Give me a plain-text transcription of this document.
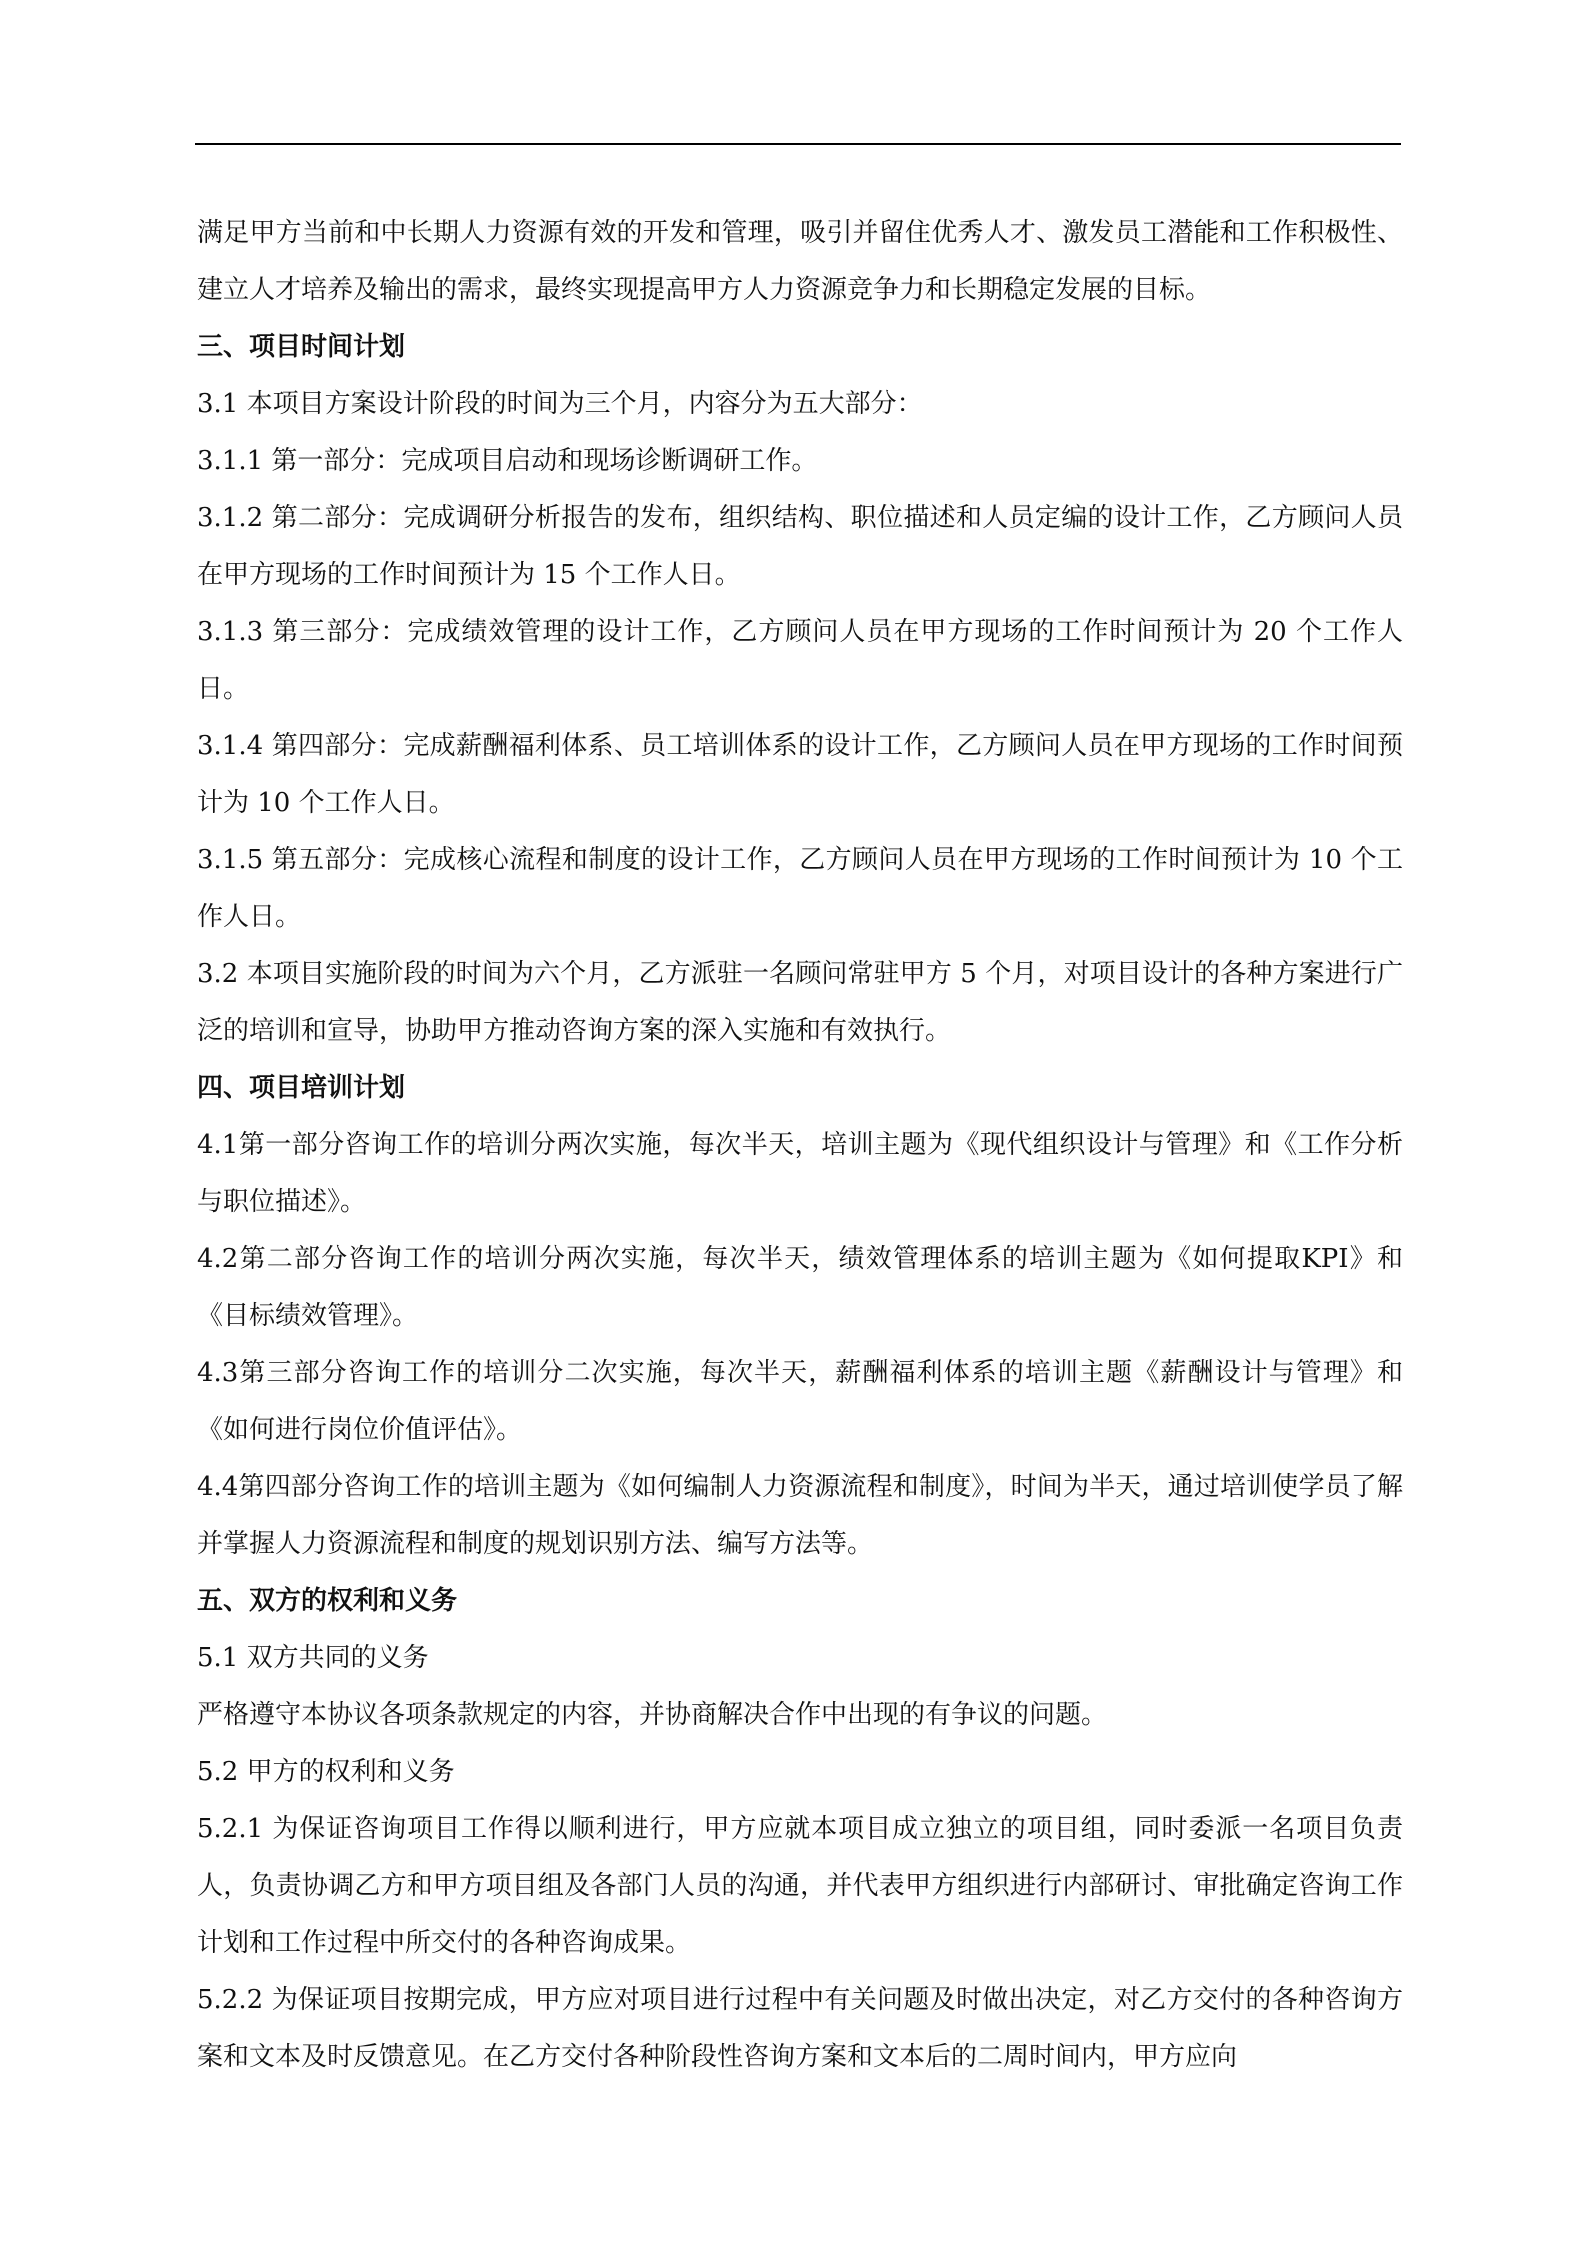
满足甲方当前和中长期人力资源有效的开发和管理，吸引并留住优秀人才、激发员工潜能和工作积极性、建立人才培养及输出的需求，最终实现提高甲方人力资源竞争力和长期稳定发展的目标。

三、项目时间计划

3.1 本项目方案设计阶段的时间为三个月，内容分为五大部分：

3.1.1 第一部分：完成项目启动和现场诊断调研工作。

3.1.2 第二部分：完成调研分析报告的发布，组织结构、职位描述和人员定编的设计工作，乙方顾问人员在甲方现场的工作时间预计为 15 个工作人日。

3.1.3 第三部分：完成绩效管理的设计工作，乙方顾问人员在甲方现场的工作时间预计为 20 个工作人日。

3.1.4 第四部分：完成薪酬福利体系、员工培训体系的设计工作，乙方顾问人员在甲方现场的工作时间预计为 10 个工作人日。

3.1.5 第五部分：完成核心流程和制度的设计工作，乙方顾问人员在甲方现场的工作时间预计为 10 个工作人日。

3.2 本项目实施阶段的时间为六个月，乙方派驻一名顾问常驻甲方 5 个月，对项目设计的各种方案进行广泛的培训和宣导，协助甲方推动咨询方案的深入实施和有效执行。

四、项目培训计划

4.1第一部分咨询工作的培训分两次实施，每次半天，培训主题为《现代组织设计与管理》和《工作分析与职位描述》。

4.2第二部分咨询工作的培训分两次实施，每次半天，绩效管理体系的培训主题为《如何提取KPI》和《目标绩效管理》。

4.3第三部分咨询工作的培训分二次实施，每次半天，薪酬福利体系的培训主题《薪酬设计与管理》和《如何进行岗位价值评估》。

4.4第四部分咨询工作的培训主题为《如何编制人力资源流程和制度》，时间为半天，通过培训使学员了解并掌握人力资源流程和制度的规划识别方法、编写方法等。

五、双方的权利和义务

5.1 双方共同的义务

严格遵守本协议各项条款规定的内容，并协商解决合作中出现的有争议的问题。

5.2 甲方的权利和义务

5.2.1 为保证咨询项目工作得以顺利进行，甲方应就本项目成立独立的项目组，同时委派一名项目负责人，负责协调乙方和甲方项目组及各部门人员的沟通，并代表甲方组织进行内部研讨、审批确定咨询工作计划和工作过程中所交付的各种咨询成果。

5.2.2 为保证项目按期完成，甲方应对项目进行过程中有关问题及时做出决定，对乙方交付的各种咨询方案和文本及时反馈意见。在乙方交付各种阶段性咨询方案和文本后的二周时间内，甲方应向
